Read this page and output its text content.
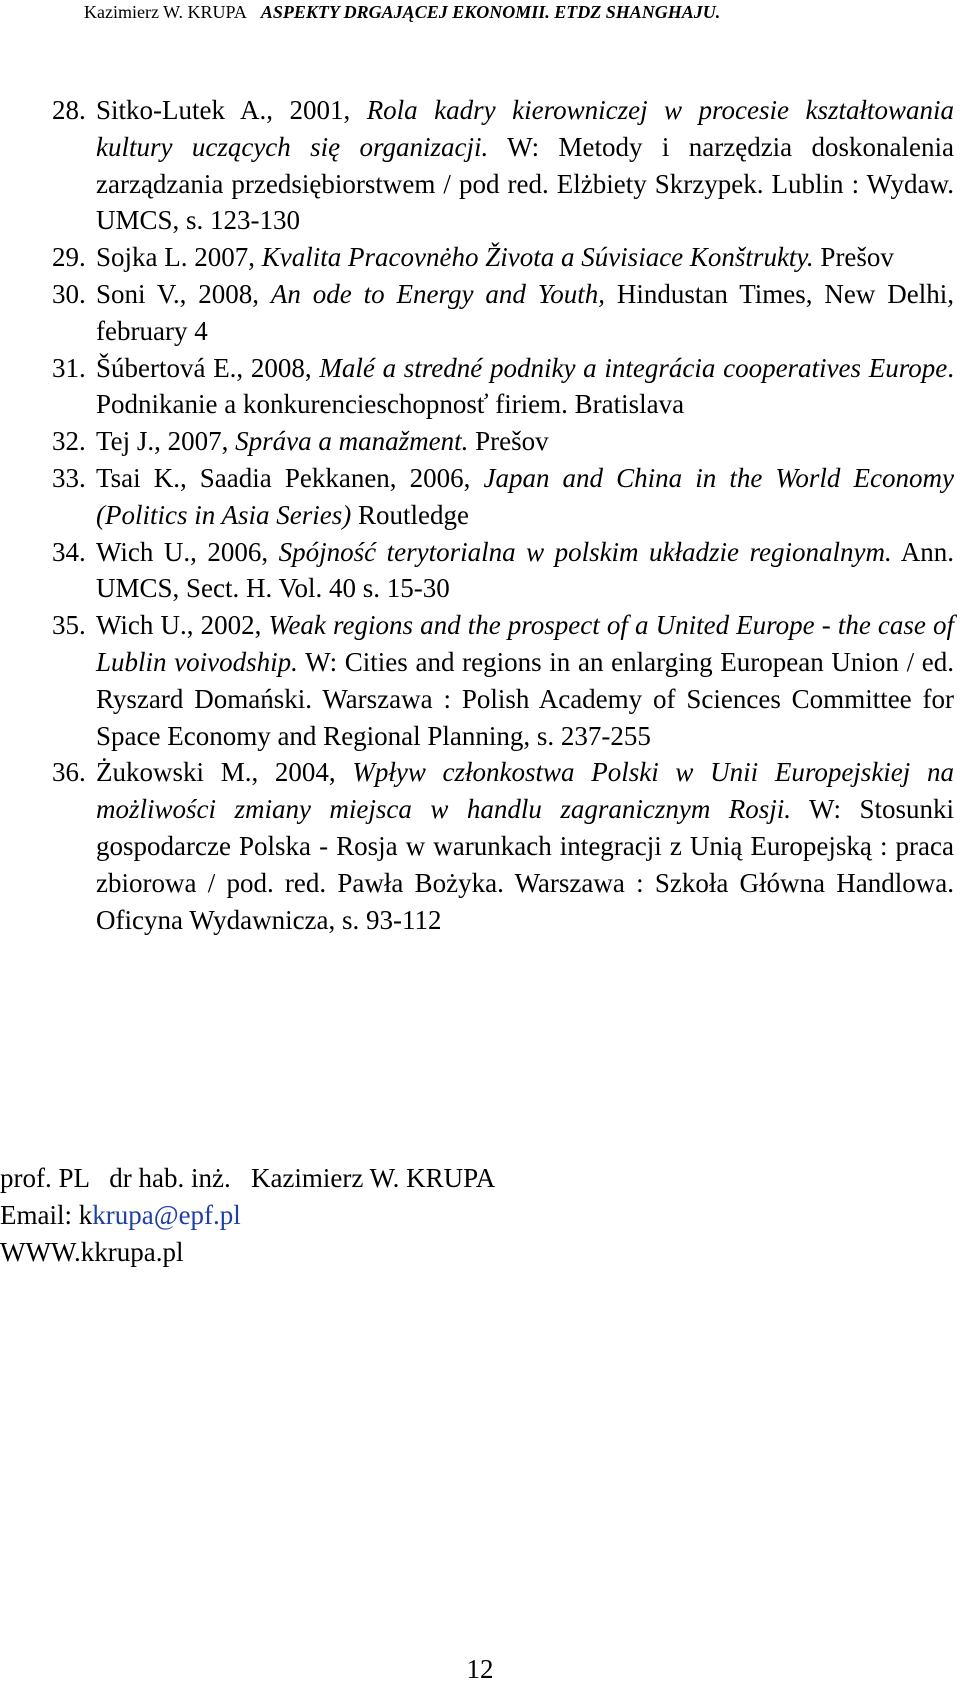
Kazimierz W. KRUPA ASPEKTY DRGAJĄCEJ EKONOMII. ETDZ SHANGHAJU.
28. Sitko-Lutek A., 2001, Rola kadry kierowniczej w procesie kształtowania kultury uczących się organizacji. W: Metody i narzędzia doskonalenia zarządzania przedsiębiorstwem / pod red. Elżbiety Skrzypek. Lublin : Wydaw. UMCS, s. 123-130
29. Sojka L. 2007, Kvalita Pracovnėho Života a Súvisiace Konštrukty. Prešov
30. Soni V., 2008, An ode to Energy and Youth, Hindustan Times, New Delhi, february 4
31. Šúbertová E., 2008, Malé a stredné podniky a integrácia cooperatives Europe. Podnikanie a konkurencieschopnosť firiem. Bratislava
32. Tej J., 2007, Správa a manažment. Prešov
33. Tsai K., Saadia Pekkanen, 2006, Japan and China in the World Economy (Politics in Asia Series) Routledge
34. Wich U., 2006, Spójność terytorialna w polskim układzie regionalnym. Ann. UMCS, Sect. H. Vol. 40 s. 15-30
35. Wich U., 2002, Weak regions and the prospect of a United Europe - the case of Lublin voivodship. W: Cities and regions in an enlarging European Union / ed. Ryszard Domański. Warszawa : Polish Academy of Sciences Committee for Space Economy and Regional Planning, s. 237-255
36. Żukowski M., 2004, Wpływ członkostwa Polski w Unii Europejskiej na możliwości zmiany miejsca w handlu zagranicznym Rosji. W: Stosunki gospodarcze Polska - Rosja w warunkach integracji z Unią Europejską : praca zbiorowa / pod. red. Pawła Bożyka. Warszawa : Szkoła Główna Handlowa. Oficyna Wydawnicza, s. 93-112
prof. PL   dr hab. inż.   Kazimierz W. KRUPA
Email: kkrupa@epf.pl
WWW.kkrupa.pl
12
